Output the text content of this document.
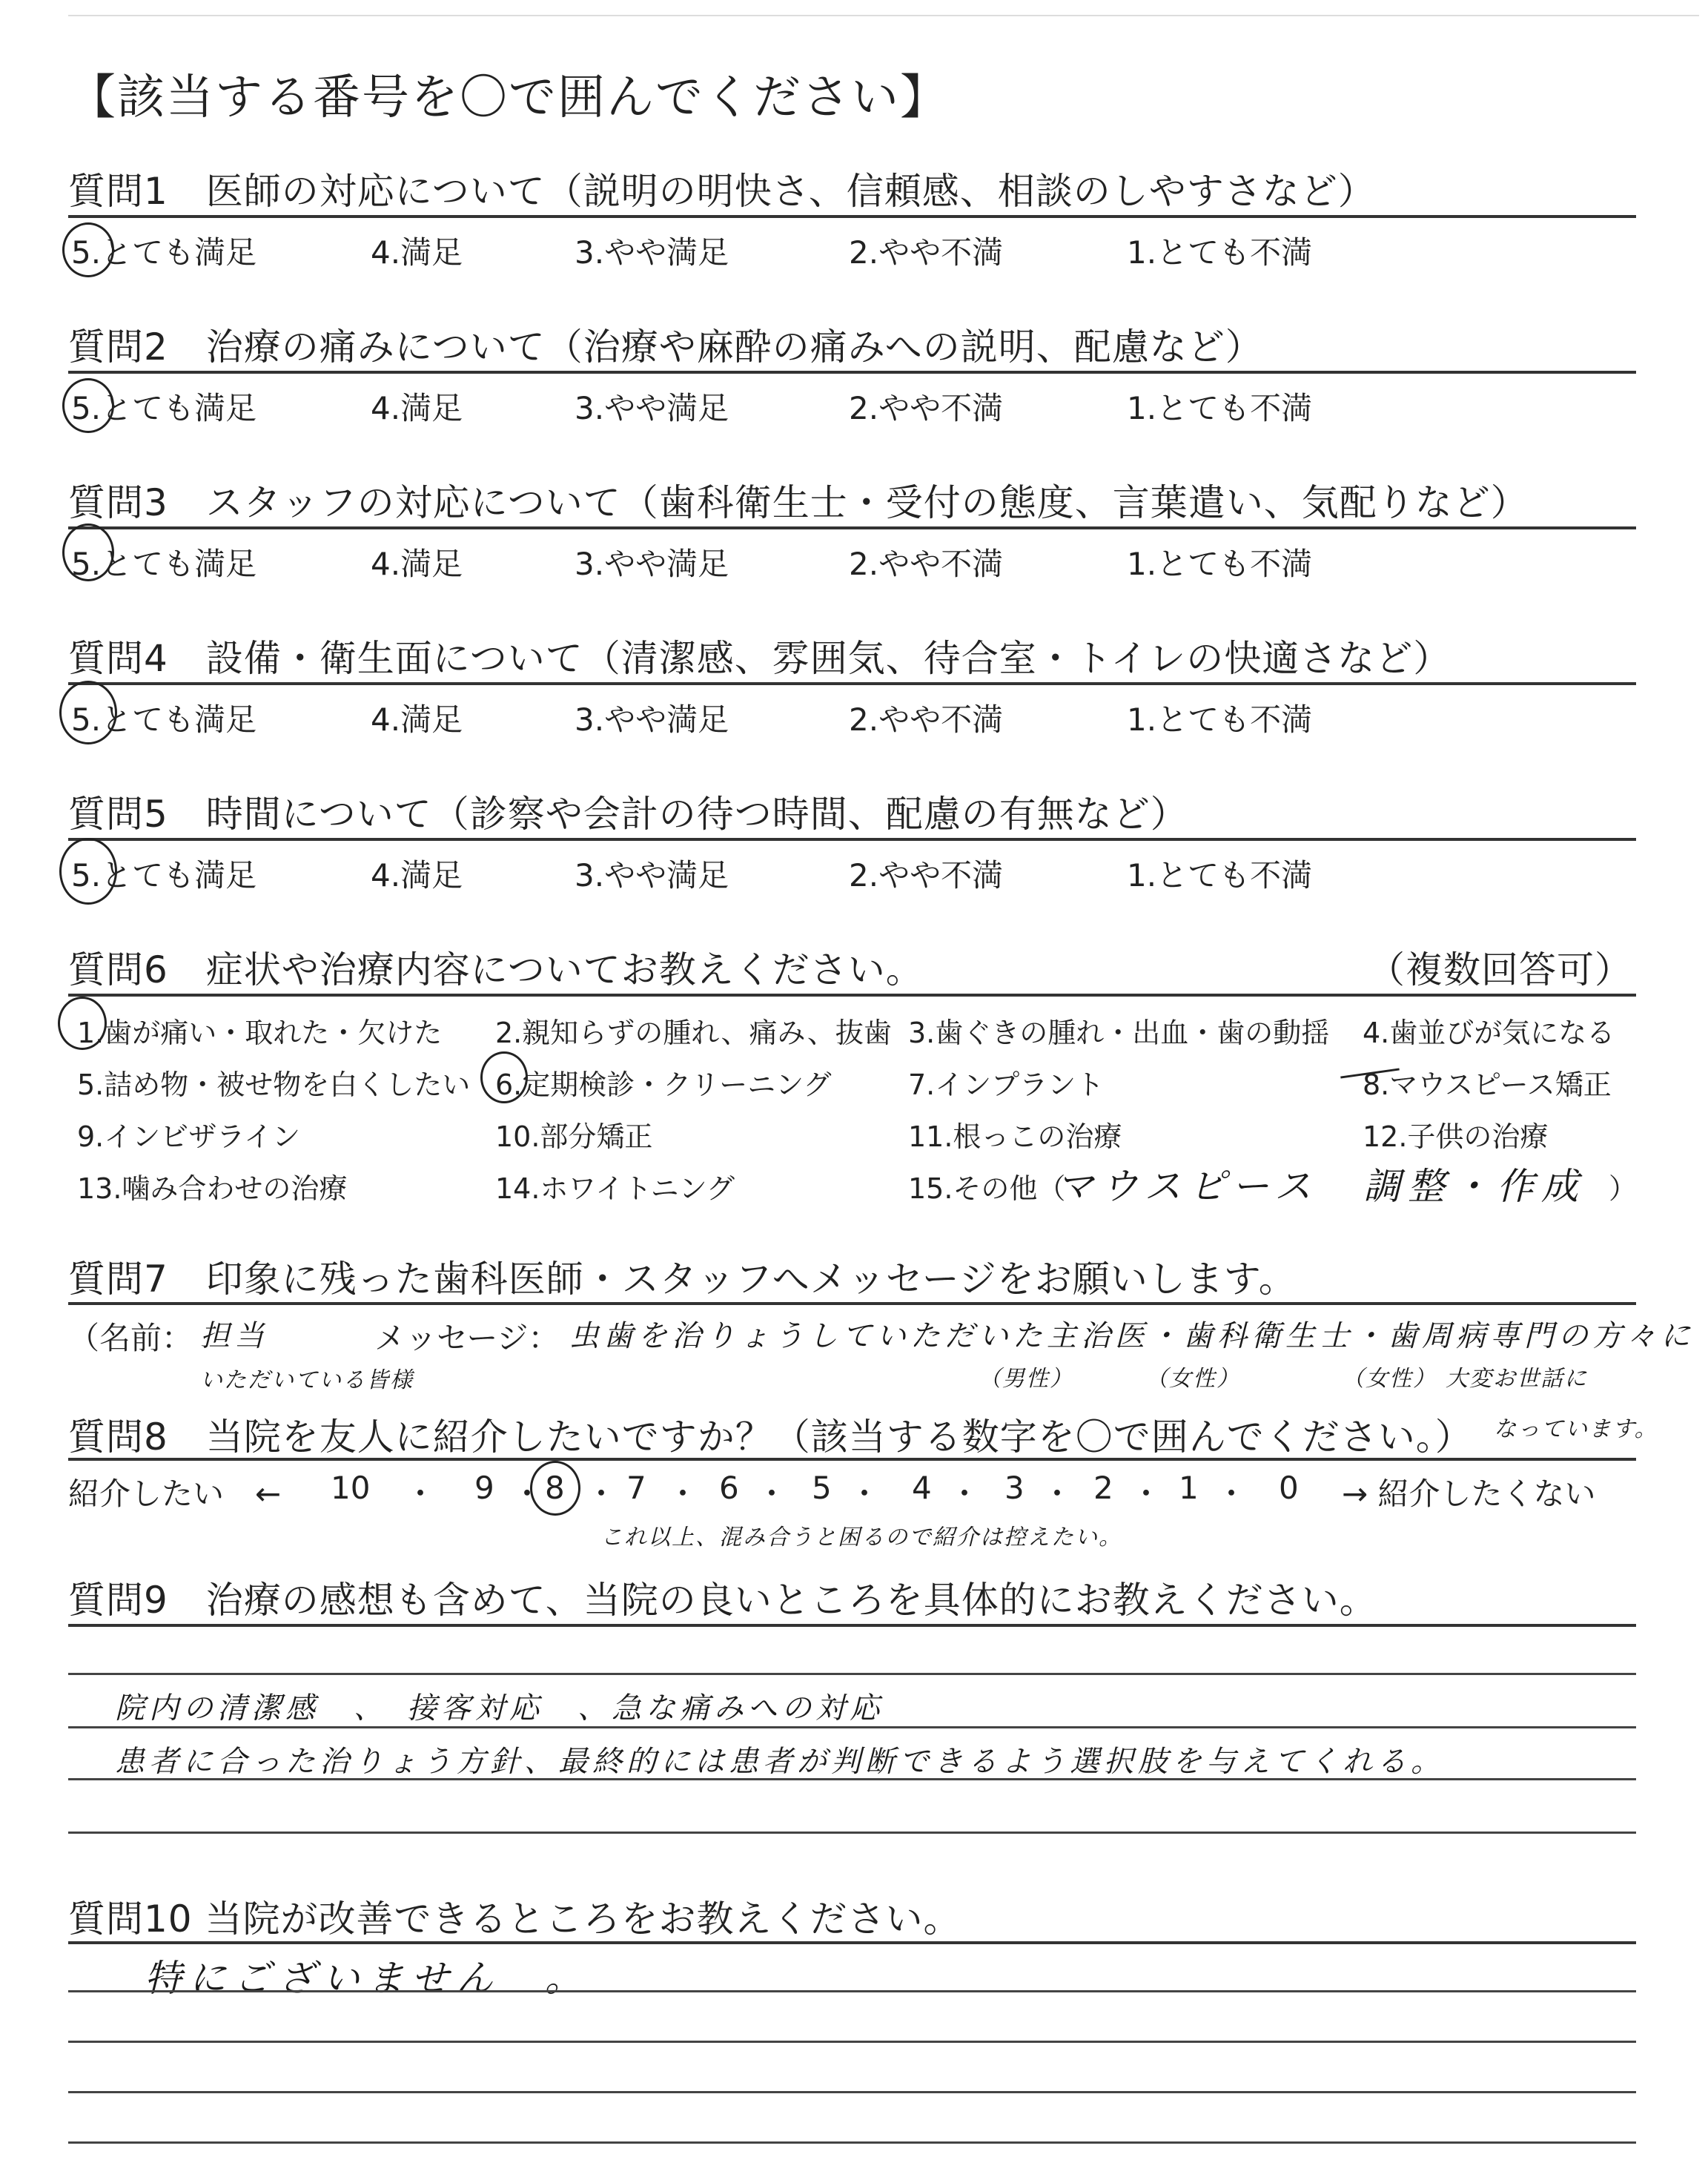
【該当する番号を〇で囲んでください】
質問1　医師の対応について（説明の明快さ、信頼感、相談のしやすさなど）
5.とても満足	4.満足	3.やや満足	2.やや不満	1.とても不満
質問2　治療の痛みについて（治療や麻酔の痛みへの説明、配慮など）
5.とても満足	4.満足	3.やや満足	2.やや不満	1.とても不満
質問3　スタッフの対応について（歯科衛生士・受付の態度、言葉遣い、気配りなど）
5.とても満足	4.満足	3.やや満足	2.やや不満	1.とても不満
質問4　設備・衛生面について（清潔感、雰囲気、待合室・トイレの快適さなど）
5.とても満足	4.満足	3.やや満足	2.やや不満	1.とても不満
質問5　時間について（診察や会計の待つ時間、配慮の有無など）
5.とても満足	4.満足	3.やや満足	2.やや不満	1.とても不満
質問6　症状や治療内容についてお教えください。	（複数回答可）
1.歯が痛い・取れた・欠けた 2.親知らずの腫れ、痛み、抜歯 3.歯ぐきの腫れ・出血・歯の動揺 4.歯並びが気になる
5.詰め物・被せ物を白くしたい 6.定期検診・クリーニング	7.インプラント	8.マウスピース矯正
9.インビザライン	10.部分矯正	11.根っこの治療	12.子供の治療
13.噛み合わせの治療	14.ホワイトニング	15.その他（	）
マウスピース　調整・作成
質問7　印象に残った歯科医師・スタッフへメッセージをお願いします。
（名前： 担当
いただいている皆様
メッセージ： 虫歯を治りょうしていただいた主治医・歯科衛生士・歯周病専門の方々に
（男性）	（女性）	（女性） 大変お世話に
質問8　当院を友人に紹介したいですか？（該当する数字を〇で囲んでください。） なっています。
紹介したい　←	→ 紹介したくない
10 ・ 9 ・ 8 ・ 7 ・ 6 ・ 5 ・ 4 ・ 3 ・ 2 ・ 1 ・ 0
これ以上、混み合うと困るので紹介は控えたい。
質問9　治療の感想も含めて、当院の良いところを具体的にお教えください。
院内の清潔感　、　接客対応　、急な痛みへの対応
患者に合った治りょう方針、最終的には患者が判断できるよう選択肢を与えてくれる。
質問10 当院が改善できるところをお教えください。
特にございません　。
